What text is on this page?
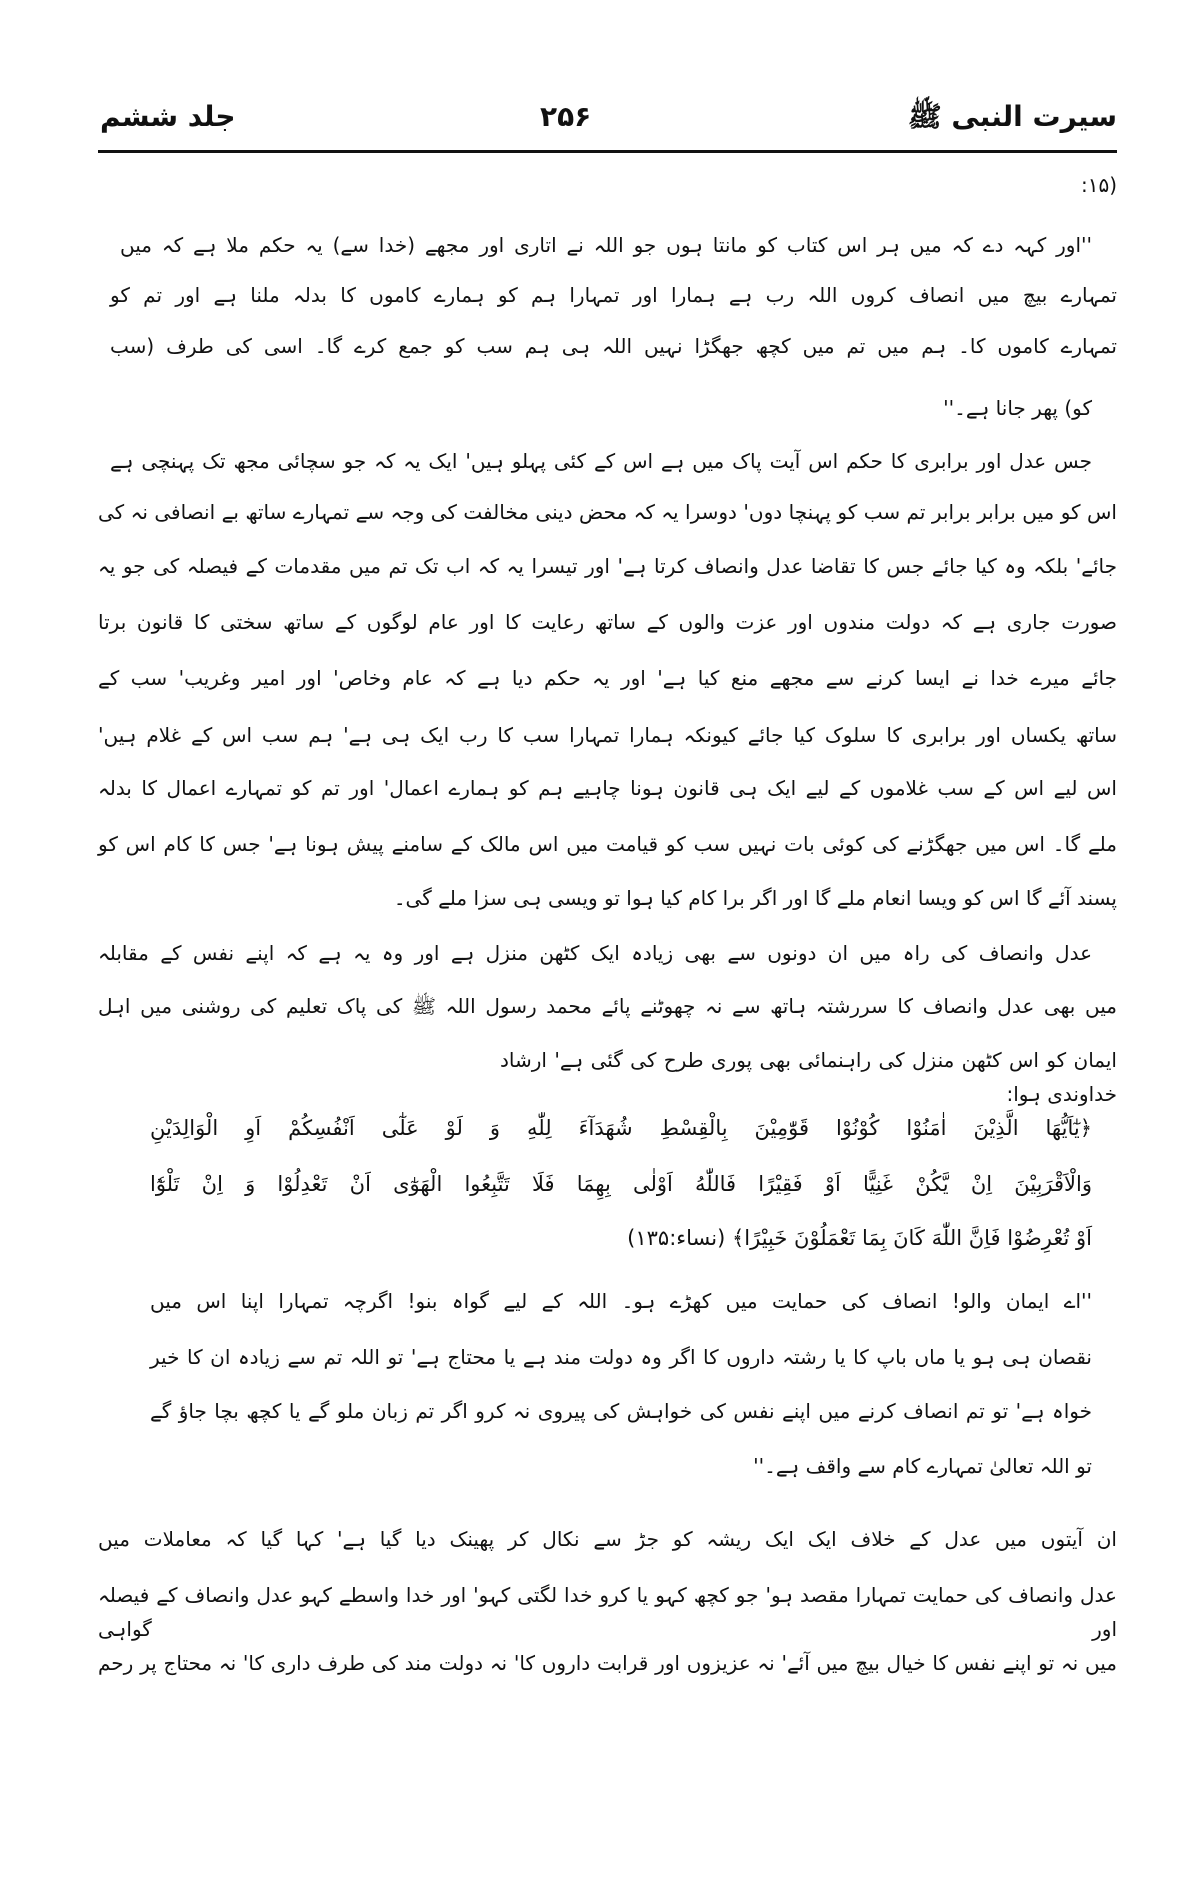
سیرت النبی ﷺ
۲۵۶
جلد ششم
(۱۵:
''اور کہہ دے کہ میں ہر اس کتاب کو مانتا ہوں جو اللہ نے اتاری اور مجھے (خدا سے) یہ حکم ملا ہے کہ میں
تمہارے بیچ میں انصاف کروں اللہ رب ہے ہمارا اور تمہارا ہم کو ہمارے کاموں کا بدلہ ملنا ہے اور تم کو
تمہارے کاموں کا۔ ہم میں تم میں کچھ جھگڑا نہیں اللہ ہی ہم سب کو جمع کرے گا۔ اسی کی طرف (سب
کو) پھر جانا ہے۔''
جس عدل اور برابری کا حکم اس آیت پاک میں ہے اس کے کئی پہلو ہیں' ایک یہ کہ جو سچائی مجھ تک پہنچی ہے
اس کو میں برابر برابر تم سب کو پہنچا دوں' دوسرا یہ کہ محض دینی مخالفت کی وجہ سے تمہارے ساتھ بے انصافی نہ کی
جائے' بلکہ وہ کیا جائے جس کا تقاضا عدل وانصاف کرتا ہے' اور تیسرا یہ کہ اب تک تم میں مقدمات کے فیصلہ کی جو یہ
صورت جاری ہے کہ دولت مندوں اور عزت والوں کے ساتھ رعایت کا اور عام لوگوں کے ساتھ سختی کا قانون برتا
جائے میرے خدا نے ایسا کرنے سے مجھے منع کیا ہے' اور یہ حکم دیا ہے کہ عام وخاص' اور امیر وغریب' سب کے
ساتھ یکساں اور برابری کا سلوک کیا جائے کیونکہ ہمارا تمہارا سب کا رب ایک ہی ہے' ہم سب اس کے غلام ہیں'
اس لیے اس کے سب غلاموں کے لیے ایک ہی قانون ہونا چاہیے ہم کو ہمارے اعمال' اور تم کو تمہارے اعمال کا بدلہ
ملے گا۔ اس میں جھگڑنے کی کوئی بات نہیں سب کو قیامت میں اس مالک کے سامنے پیش ہونا ہے' جس کا کام اس کو
پسند آئے گا اس کو ویسا انعام ملے گا اور اگر برا کام کیا ہوا تو ویسی ہی سزا ملے گی۔
عدل وانصاف کی راہ میں ان دونوں سے بھی زیادہ ایک کٹھن منزل ہے اور وہ یہ ہے کہ اپنے نفس کے مقابلہ
میں بھی عدل وانصاف کا سررشتہ ہاتھ سے نہ چھوٹنے پائے محمد رسول اللہ ﷺ کی پاک تعلیم کی روشنی میں اہل
ایمان کو اس کٹھن منزل کی راہنمائی بھی پوری طرح کی گئی ہے' ارشاد خداوندی ہوا:
﴿یٰٓاَیُّهَا الَّذِیْنَ اٰمَنُوْا كُوْنُوْا قَوّٰمِیْنَ بِالْقِسْطِ شُهَدَآءَ لِلّٰهِ وَ لَوْ عَلٰٓی اَنْفُسِكُمْ اَوِ الْوَالِدَیْنِ
وَالْاَقْرَبِیْنَ اِنْ یَّكُنْ غَنِیًّا اَوْ فَقِیْرًا فَاللّٰهُ اَوْلٰی بِهِمَا فَلَا تَتَّبِعُوا الْهَوٰٓی اَنْ تَعْدِلُوْا وَ اِنْ تَلْوٗٓا
اَوْ تُعْرِضُوْا فَاِنَّ اللّٰهَ كَانَ بِمَا تَعْمَلُوْنَ خَبِیْرًا﴾ (نساء:۱۳۵)
''اے ایمان والو! انصاف کی حمایت میں کھڑے ہو۔ اللہ کے لیے گواہ بنو! اگرچہ تمہارا اپنا اس میں
نقصان ہی ہو یا ماں باپ کا یا رشتہ داروں کا اگر وہ دولت مند ہے یا محتاج ہے' تو اللہ تم سے زیادہ ان کا خیر
خواہ ہے' تو تم انصاف کرنے میں اپنے نفس کی خواہش کی پیروی نہ کرو اگر تم زبان ملو گے یا کچھ بچا جاؤ گے
تو اللہ تعالیٰ تمہارے کام سے واقف ہے۔''
ان آیتوں میں عدل کے خلاف ایک ایک ریشہ کو جڑ سے نکال کر پھینک دیا گیا ہے' کہا گیا کہ معاملات میں
عدل وانصاف کی حمایت تمہارا مقصد ہو' جو کچھ کہو یا کرو خدا لگتی کہو' اور خدا واسطے کہو عدل وانصاف کے فیصلہ اور گواہی
میں نہ تو اپنے نفس کا خیال بیچ میں آئے' نہ عزیزوں اور قرابت داروں کا' نہ دولت مند کی طرف داری کا' نہ محتاج پر رحم
